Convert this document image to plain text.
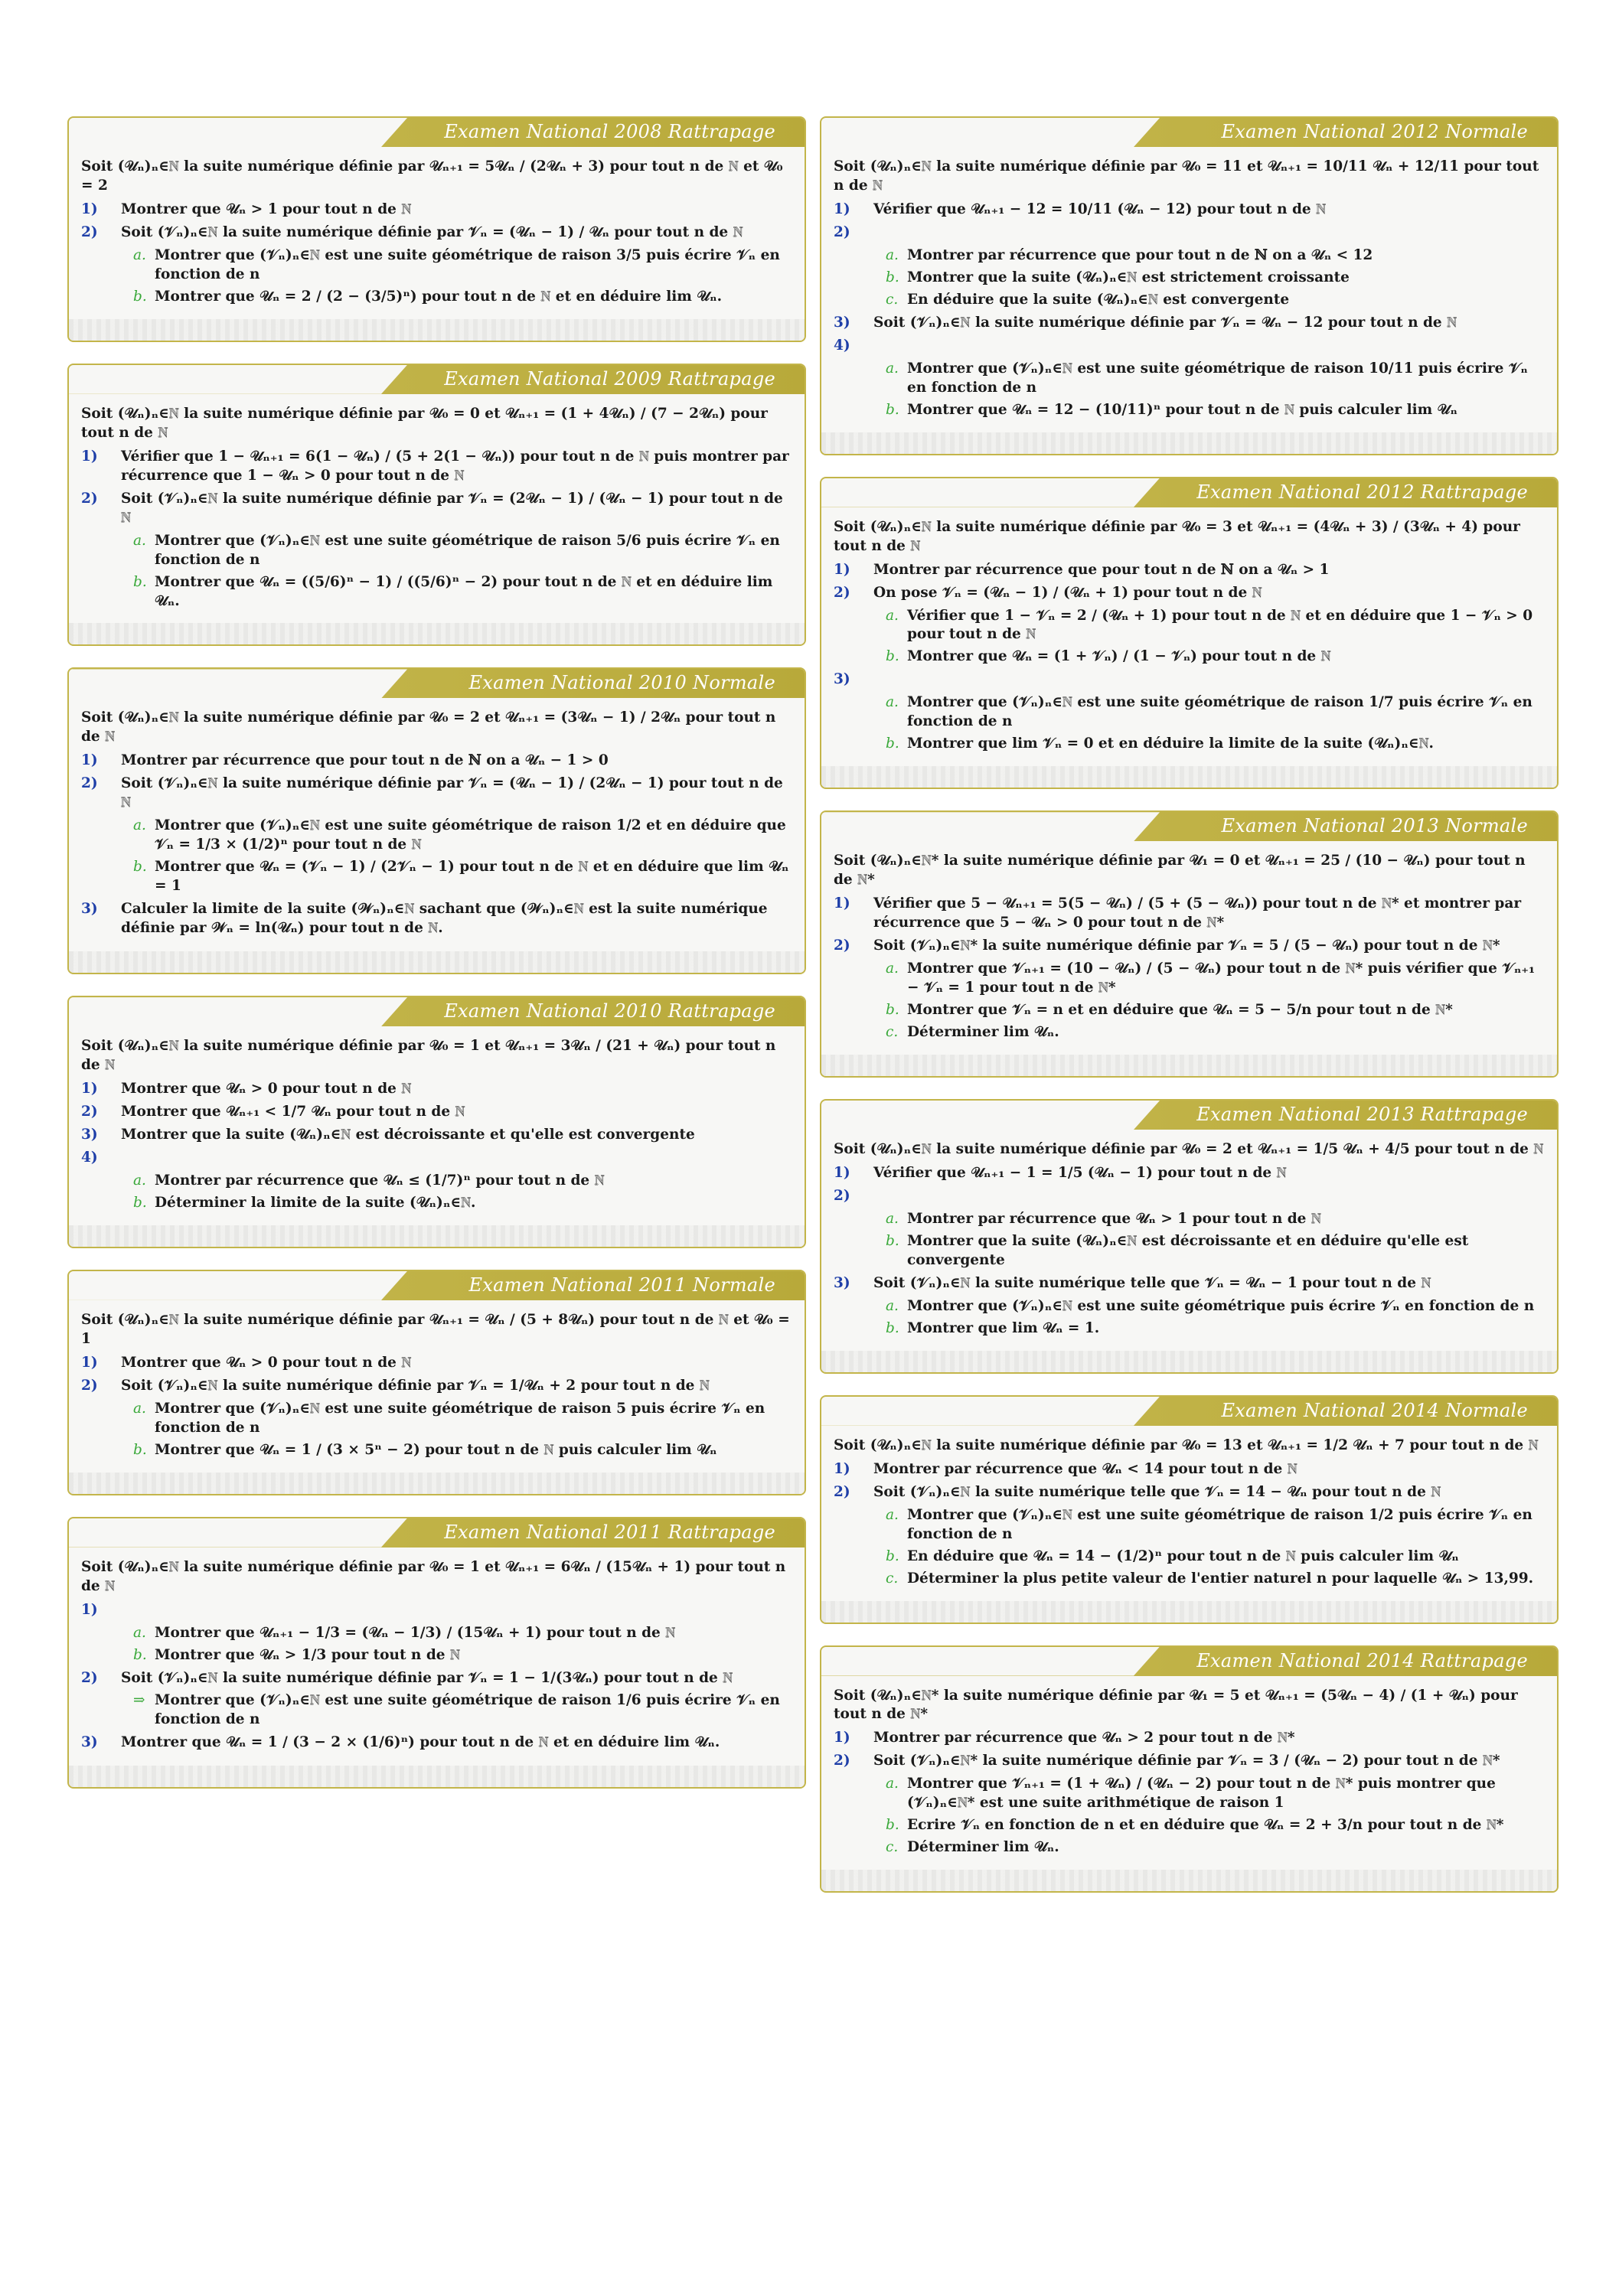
Examen National 2008 Rattrapage
Soit (𝒰ₙ)ₙ∈ℕ la suite numérique définie par 𝒰ₙ₊₁ = 5𝒰ₙ / (2𝒰ₙ + 3) pour tout n de ℕ et 𝒰₀ = 2
1)	Montrer que 𝒰ₙ > 1 pour tout n de ℕ
2)	Soit (𝒱ₙ)ₙ∈ℕ la suite numérique définie par 𝒱ₙ = (𝒰ₙ − 1) / 𝒰ₙ pour tout n de ℕ
a. Montrer que (𝒱ₙ)ₙ∈ℕ est une suite géométrique de raison 3/5 puis écrire 𝒱ₙ en fonction de n
b. Montrer que 𝒰ₙ = 2 / (2 − (3/5)ⁿ) pour tout n de ℕ et en déduire lim 𝒰ₙ.
Examen National 2009 Rattrapage
Soit (𝒰ₙ)ₙ∈ℕ la suite numérique définie par 𝒰₀ = 0 et 𝒰ₙ₊₁ = (1 + 4𝒰ₙ) / (7 − 2𝒰ₙ) pour tout n de ℕ
1)	Vérifier que 1 − 𝒰ₙ₊₁ = 6(1 − 𝒰ₙ) / (5 + 2(1 − 𝒰ₙ)) pour tout n de ℕ puis montrer par récurrence que 1 − 𝒰ₙ > 0 pour tout n de ℕ
2)	Soit (𝒱ₙ)ₙ∈ℕ la suite numérique définie par 𝒱ₙ = (2𝒰ₙ − 1) / (𝒰ₙ − 1) pour tout n de ℕ
a. Montrer que (𝒱ₙ)ₙ∈ℕ est une suite géométrique de raison 5/6 puis écrire 𝒱ₙ en fonction de n
b. Montrer que 𝒰ₙ = ((5/6)ⁿ − 1) / ((5/6)ⁿ − 2) pour tout n de ℕ et en déduire lim 𝒰ₙ.
Examen National 2010 Normale
Soit (𝒰ₙ)ₙ∈ℕ la suite numérique définie par 𝒰₀ = 2 et 𝒰ₙ₊₁ = (3𝒰ₙ − 1) / 2𝒰ₙ pour tout n de ℕ
1)	Montrer par récurrence que pour tout n de ℕ on a 𝒰ₙ − 1 > 0
2)	Soit (𝒱ₙ)ₙ∈ℕ la suite numérique définie par 𝒱ₙ = (𝒰ₙ − 1) / (2𝒰ₙ − 1) pour tout n de ℕ
a. Montrer que (𝒱ₙ)ₙ∈ℕ est une suite géométrique de raison 1/2 et en déduire que 𝒱ₙ = 1/3 × (1/2)ⁿ pour tout n de ℕ
b. Montrer que 𝒰ₙ = (𝒱ₙ − 1) / (2𝒱ₙ − 1) pour tout n de ℕ et en déduire que lim 𝒰ₙ = 1
3)	Calculer la limite de la suite (𝒲ₙ)ₙ∈ℕ sachant que (𝒲ₙ)ₙ∈ℕ est la suite numérique définie par 𝒲ₙ = ln(𝒰ₙ) pour tout n de ℕ.
Examen National 2010 Rattrapage
Soit (𝒰ₙ)ₙ∈ℕ la suite numérique définie par 𝒰₀ = 1 et 𝒰ₙ₊₁ = 3𝒰ₙ / (21 + 𝒰ₙ) pour tout n de ℕ
1)	Montrer que 𝒰ₙ > 0 pour tout n de ℕ
2)	Montrer que 𝒰ₙ₊₁ < 1/7 𝒰ₙ pour tout n de ℕ
3)	Montrer que la suite (𝒰ₙ)ₙ∈ℕ est décroissante et qu'elle est convergente
4)
a. Montrer par récurrence que 𝒰ₙ ≤ (1/7)ⁿ pour tout n de ℕ
b. Déterminer la limite de la suite (𝒰ₙ)ₙ∈ℕ.
Examen National 2011 Normale
Soit (𝒰ₙ)ₙ∈ℕ la suite numérique définie par 𝒰ₙ₊₁ = 𝒰ₙ / (5 + 8𝒰ₙ) pour tout n de ℕ et 𝒰₀ = 1
1)	Montrer que 𝒰ₙ > 0 pour tout n de ℕ
2)	Soit (𝒱ₙ)ₙ∈ℕ la suite numérique définie par 𝒱ₙ = 1/𝒰ₙ + 2 pour tout n de ℕ
a. Montrer que (𝒱ₙ)ₙ∈ℕ est une suite géométrique de raison 5 puis écrire 𝒱ₙ en fonction de n
b. Montrer que 𝒰ₙ = 1 / (3 × 5ⁿ − 2) pour tout n de ℕ puis calculer lim 𝒰ₙ
Examen National 2011 Rattrapage
Soit (𝒰ₙ)ₙ∈ℕ la suite numérique définie par 𝒰₀ = 1 et 𝒰ₙ₊₁ = 6𝒰ₙ / (15𝒰ₙ + 1) pour tout n de ℕ
1)
a. Montrer que 𝒰ₙ₊₁ − 1/3 = (𝒰ₙ − 1/3) / (15𝒰ₙ + 1) pour tout n de ℕ
b. Montrer que 𝒰ₙ > 1/3 pour tout n de ℕ
2)	Soit (𝒱ₙ)ₙ∈ℕ la suite numérique définie par 𝒱ₙ = 1 − 1/(3𝒰ₙ) pour tout n de ℕ
⇒ Montrer que (𝒱ₙ)ₙ∈ℕ est une suite géométrique de raison 1/6 puis écrire 𝒱ₙ en fonction de n
3)	Montrer que 𝒰ₙ = 1 / (3 − 2 × (1/6)ⁿ) pour tout n de ℕ et en déduire lim 𝒰ₙ.
Examen National 2012 Normale
Soit (𝒰ₙ)ₙ∈ℕ la suite numérique définie par 𝒰₀ = 11 et 𝒰ₙ₊₁ = 10/11 𝒰ₙ + 12/11 pour tout n de ℕ
1)	Vérifier que 𝒰ₙ₊₁ − 12 = 10/11 (𝒰ₙ − 12) pour tout n de ℕ
2)
a. Montrer par récurrence que pour tout n de ℕ on a 𝒰ₙ < 12
b. Montrer que la suite (𝒰ₙ)ₙ∈ℕ est strictement croissante
c. En déduire que la suite (𝒰ₙ)ₙ∈ℕ est convergente
3)	Soit (𝒱ₙ)ₙ∈ℕ la suite numérique définie par 𝒱ₙ = 𝒰ₙ − 12 pour tout n de ℕ
4)
a. Montrer que (𝒱ₙ)ₙ∈ℕ est une suite géométrique de raison 10/11 puis écrire 𝒱ₙ en fonction de n
b. Montrer que 𝒰ₙ = 12 − (10/11)ⁿ pour tout n de ℕ puis calculer lim 𝒰ₙ
Examen National 2012 Rattrapage
Soit (𝒰ₙ)ₙ∈ℕ la suite numérique définie par 𝒰₀ = 3 et 𝒰ₙ₊₁ = (4𝒰ₙ + 3) / (3𝒰ₙ + 4) pour tout n de ℕ
1)	Montrer par récurrence que pour tout n de ℕ on a 𝒰ₙ > 1
2)	On pose 𝒱ₙ = (𝒰ₙ − 1) / (𝒰ₙ + 1) pour tout n de ℕ
a. Vérifier que 1 − 𝒱ₙ = 2 / (𝒰ₙ + 1) pour tout n de ℕ et en déduire que 1 − 𝒱ₙ > 0 pour tout n de ℕ
b. Montrer que 𝒰ₙ = (1 + 𝒱ₙ) / (1 − 𝒱ₙ) pour tout n de ℕ
3)
a. Montrer que (𝒱ₙ)ₙ∈ℕ est une suite géométrique de raison 1/7 puis écrire 𝒱ₙ en fonction de n
b. Montrer que lim 𝒱ₙ = 0 et en déduire la limite de la suite (𝒰ₙ)ₙ∈ℕ.
Examen National 2013 Normale
Soit (𝒰ₙ)ₙ∈ℕ* la suite numérique définie par 𝒰₁ = 0 et 𝒰ₙ₊₁ = 25 / (10 − 𝒰ₙ) pour tout n de ℕ*
1)	Vérifier que 5 − 𝒰ₙ₊₁ = 5(5 − 𝒰ₙ) / (5 + (5 − 𝒰ₙ)) pour tout n de ℕ* et montrer par récurrence que 5 − 𝒰ₙ > 0 pour tout n de ℕ*
2)	Soit (𝒱ₙ)ₙ∈ℕ* la suite numérique définie par 𝒱ₙ = 5 / (5 − 𝒰ₙ) pour tout n de ℕ*
a. Montrer que 𝒱ₙ₊₁ = (10 − 𝒰ₙ) / (5 − 𝒰ₙ) pour tout n de ℕ* puis vérifier que 𝒱ₙ₊₁ − 𝒱ₙ = 1 pour tout n de ℕ*
b. Montrer que 𝒱ₙ = n et en déduire que 𝒰ₙ = 5 − 5/n pour tout n de ℕ*
c. Déterminer lim 𝒰ₙ.
Examen National 2013 Rattrapage
Soit (𝒰ₙ)ₙ∈ℕ la suite numérique définie par 𝒰₀ = 2 et 𝒰ₙ₊₁ = 1/5 𝒰ₙ + 4/5 pour tout n de ℕ
1)	Vérifier que 𝒰ₙ₊₁ − 1 = 1/5 (𝒰ₙ − 1) pour tout n de ℕ
2)
a. Montrer par récurrence que 𝒰ₙ > 1 pour tout n de ℕ
b. Montrer que la suite (𝒰ₙ)ₙ∈ℕ est décroissante et en déduire qu'elle est convergente
3)	Soit (𝒱ₙ)ₙ∈ℕ la suite numérique telle que 𝒱ₙ = 𝒰ₙ − 1 pour tout n de ℕ
a. Montrer que (𝒱ₙ)ₙ∈ℕ est une suite géométrique puis écrire 𝒱ₙ en fonction de n
b. Montrer que lim 𝒰ₙ = 1.
Examen National 2014 Normale
Soit (𝒰ₙ)ₙ∈ℕ la suite numérique définie par 𝒰₀ = 13 et 𝒰ₙ₊₁ = 1/2 𝒰ₙ + 7 pour tout n de ℕ
1)	Montrer par récurrence que 𝒰ₙ < 14 pour tout n de ℕ
2)	Soit (𝒱ₙ)ₙ∈ℕ la suite numérique telle que 𝒱ₙ = 14 − 𝒰ₙ pour tout n de ℕ
a. Montrer que (𝒱ₙ)ₙ∈ℕ est une suite géométrique de raison 1/2 puis écrire 𝒱ₙ en fonction de n
b. En déduire que 𝒰ₙ = 14 − (1/2)ⁿ pour tout n de ℕ puis calculer lim 𝒰ₙ
c. Déterminer la plus petite valeur de l'entier naturel n pour laquelle 𝒰ₙ > 13,99.
Examen National 2014 Rattrapage
Soit (𝒰ₙ)ₙ∈ℕ* la suite numérique définie par 𝒰₁ = 5 et 𝒰ₙ₊₁ = (5𝒰ₙ − 4) / (1 + 𝒰ₙ) pour tout n de ℕ*
1)	Montrer par récurrence que 𝒰ₙ > 2 pour tout n de ℕ*
2)	Soit (𝒱ₙ)ₙ∈ℕ* la suite numérique définie par 𝒱ₙ = 3 / (𝒰ₙ − 2) pour tout n de ℕ*
a. Montrer que 𝒱ₙ₊₁ = (1 + 𝒰ₙ) / (𝒰ₙ − 2) pour tout n de ℕ* puis montrer que (𝒱ₙ)ₙ∈ℕ* est une suite arithmétique de raison 1
b. Ecrire 𝒱ₙ en fonction de n et en déduire que 𝒰ₙ = 2 + 3/n pour tout n de ℕ*
c. Déterminer lim 𝒰ₙ.
